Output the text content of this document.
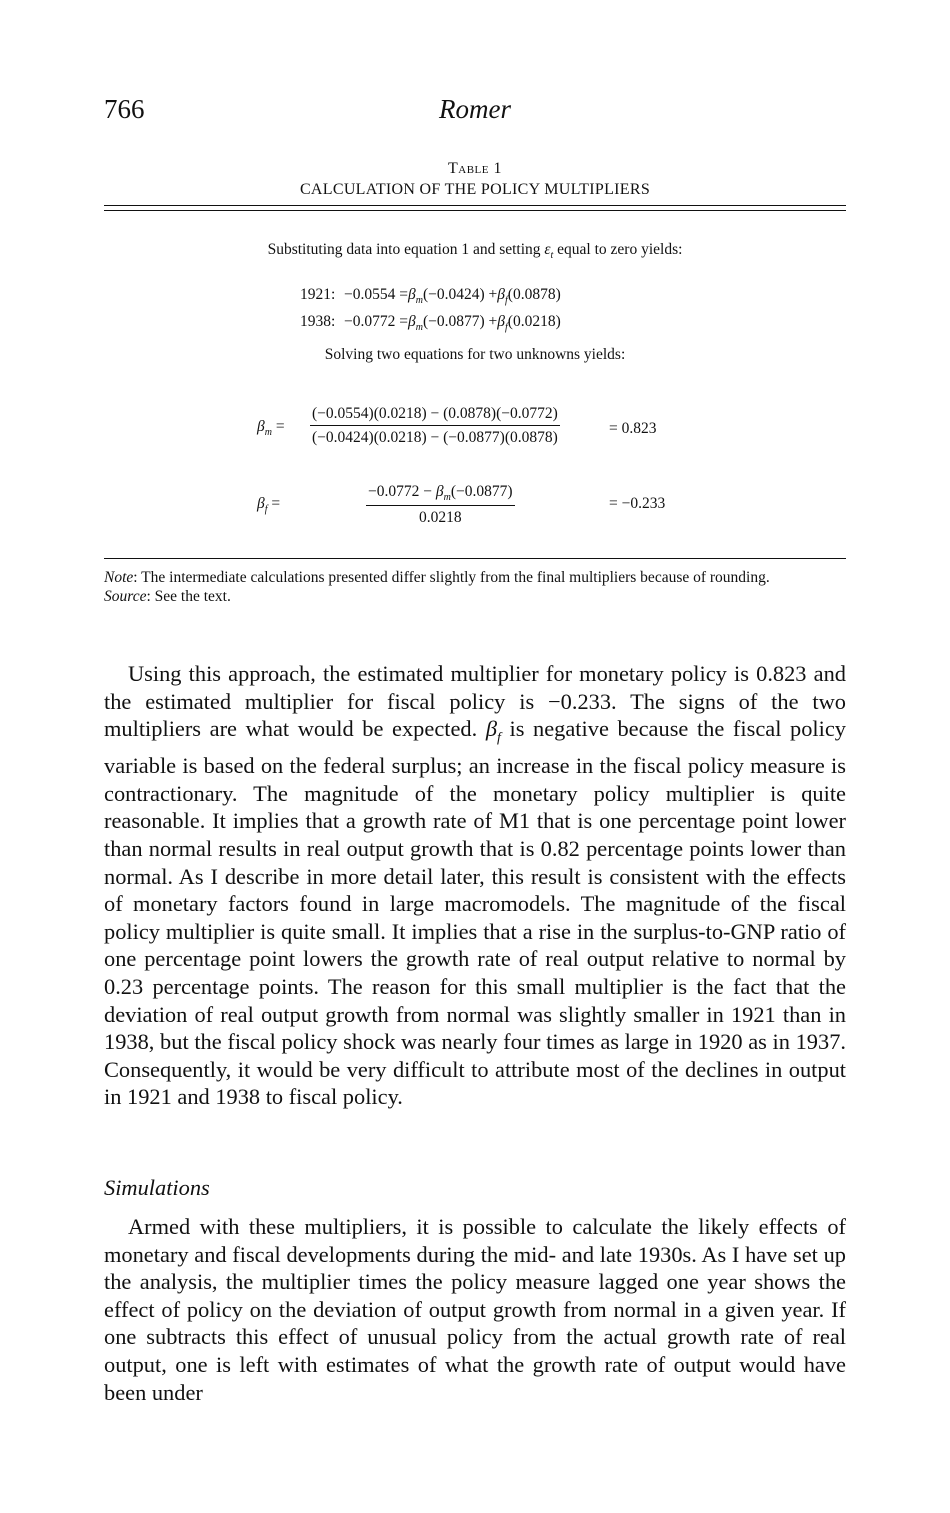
766	Romer
Table 1
CALCULATION OF THE POLICY MULTIPLIERS
Substituting data into equation 1 and setting $\varepsilon_t$ equal to zero yields:
1921: $-0.0554 =\beta_m(-0.0424) +\beta_f(0.0878)$
1938: $-0.0772 =\beta_m(-0.0877) +\beta_f(0.0218)$
Solving two equations for two unknowns yields:
$\beta_m = \frac{(-0.0554)(0.0218) - (0.0878)(-0.0772)}{(-0.0424)(0.0218) - (-0.0877)(0.0878)}$	= 0.823
$\beta_f$ =	$\frac{-0.0772 - \beta_m(-0.0877)}{0.0218}$	= −0.233
Note: The intermediate calculations presented differ slightly from the final multipliers because of rounding.
Source: See the text.
Using this approach, the estimated multiplier for monetary policy is 0.823 and the estimated multiplier for fiscal policy is −0.233. The signs of the two multipliers are what would be expected. $\beta_f$ is negative because the fiscal policy variable is based on the federal surplus; an increase in the fiscal policy measure is contractionary. The magnitude of the monetary policy multiplier is quite reasonable. It implies that a growth rate of M1 that is one percentage point lower than normal results in real output growth that is 0.82 percentage points lower than normal. As I describe in more detail later, this result is consistent with the effects of monetary factors found in large macromodels. The magnitude of the fiscal policy multiplier is quite small. It implies that a rise in the surplus-to-GNP ratio of one percentage point lowers the growth rate of real output relative to normal by 0.23 percentage points. The reason for this small multiplier is the fact that the deviation of real output growth from normal was slightly smaller in 1921 than in 1938, but the fiscal policy shock was nearly four times as large in 1920 as in 1937. Consequently, it would be very difficult to attribute most of the declines in output in 1921 and 1938 to fiscal policy.
Simulations
Armed with these multipliers, it is possible to calculate the likely effects of monetary and fiscal developments during the mid- and late 1930s. As I have set up the analysis, the multiplier times the policy measure lagged one year shows the effect of policy on the deviation of output growth from normal in a given year. If one subtracts this effect of unusual policy from the actual growth rate of real output, one is left with estimates of what the growth rate of output would have been under
